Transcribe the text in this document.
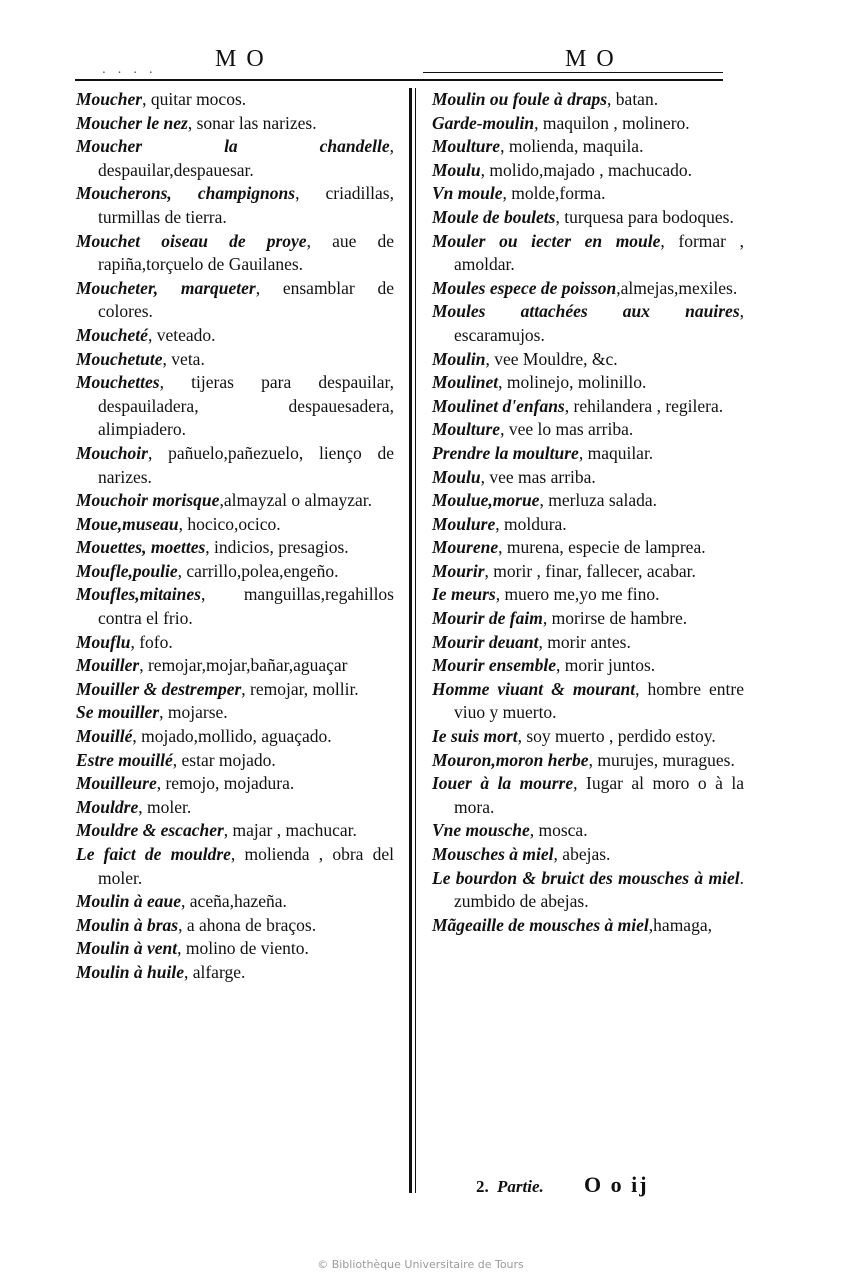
. . . . MO	MO
Moucher, quitar mocos.
Moucher le nez, sonar las narizes.
Moucher la chandelle, despauilar,despauesar.
Moucherons, champignons, criadillas, turmillas de tierra.
Mouchet oiseau de proye, aue de rapiña,torçuelo de Gauilanes.
Moucheter, marqueter, ensamblar de colores.
Moucheté, veteado.
Mouchetute, veta.
Mouchettes, tijeras para despauilar, despauiladera, despauesadera, alimpiadero.
Mouchoir, pañuelo,pañezuelo, lienço de narizes.
Mouchoir morisque,almayzal o almayzar.
Moue,museau, hocico,ocico.
Mouettes, moettes, indicios, presagios.
Moufle,poulie, carrillo,polea,engeño.
Moufles,mitaines, manguillas,regahillos contra el frio.
Mouflu, fofo.
Mouiller, remojar,mojar,bañar,aguaçar
Mouiller & destremper, remojar, mollir.
Se mouiller, mojarse.
Mouillé, mojado,mollido, aguaçado.
Estre mouillé, estar mojado.
Mouilleure, remojo, mojadura.
Mouldre, moler.
Mouldre & escacher, majar , machucar.
Le faict de mouldre, molienda , obra del moler.
Moulin à eaue, aceña,hazeña.
Moulin à bras, a ahona de braços.
Moulin à vent, molino de viento.
Moulin à huile, alfarge.
Moulin ou foule à draps, batan.
Garde-moulin, maquilon , molinero.
Moulture, molienda, maquila.
Moulu, molido,majado , machucado.
Vn moule, molde,forma.
Moule de boulets, turquesa para bodoques.
Mouler ou iecter en moule, formar , amoldar.
Moules espece de poisson,almejas,mexiles.
Moules attachées aux nauires, escaramujos.
Moulin, vee Mouldre, &c.
Moulinet, molinejo, molinillo.
Moulinet d'enfans, rehilandera , regilera.
Moulture, vee lo mas arriba.
Prendre la moulture, maquilar.
Moulu, vee mas arriba.
Moulue,morue, merluza salada.
Moulure, moldura.
Mourene, murena, especie de lamprea.
Mourir, morir , finar, fallecer, acabar.
Ie meurs, muero me,yo me fino.
Mourir de faim, morirse de hambre.
Mourir deuant, morir antes.
Mourir ensemble, morir juntos.
Homme viuant & mourant, hombre entre viuo y muerto.
Ie suis mort, soy muerto , perdido estoy.
Mouron,moron herbe, murujes, muragues.
Iouer à la mourre, Iugar al moro o à la mora.
Vne mousche, mosca.
Mousches à miel, abejas.
Le bourdon & bruict des mousches à miel. zumbido de abejas.
Mãgeaille de mousches à miel,hamaga,
2. Partie. O o ij
© Bibliothèque Universitaire de Tours
